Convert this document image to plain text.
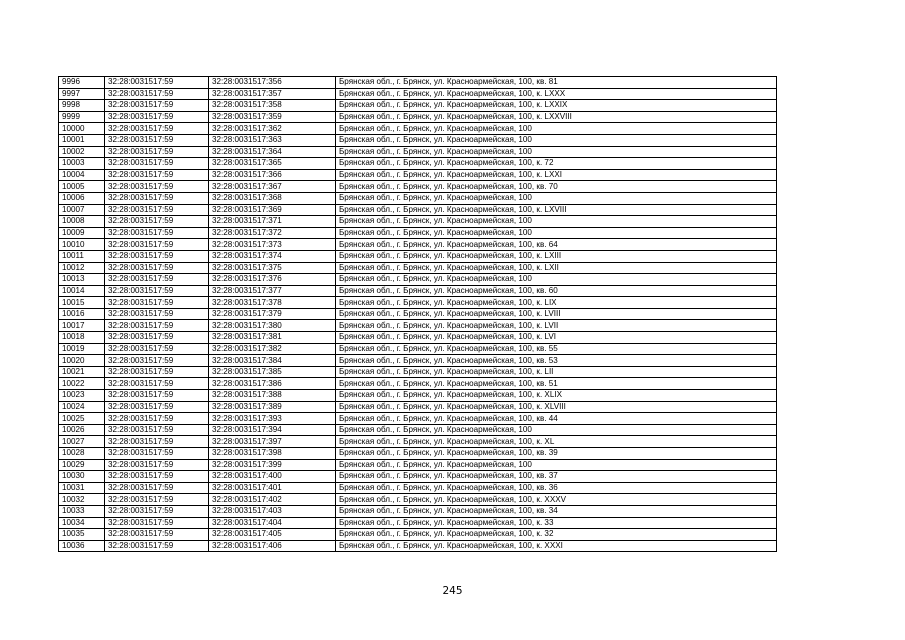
9996	32:28:0031517:59	32:28:0031517:356	Брянская обл., г. Брянск, ул. Красноармейская, 100, кв. 81
9997	32:28:0031517:59	32:28:0031517:357	Брянская обл., г. Брянск, ул. Красноармейская, 100, к. LXXX
9998	32:28:0031517:59	32:28:0031517:358	Брянская обл., г. Брянск, ул. Красноармейская, 100, к. LXXIX
9999	32:28:0031517:59	32:28:0031517:359	Брянская обл., г. Брянск, ул. Красноармейская, 100, к. LXXVIII
10000	32:28:0031517:59	32:28:0031517:362	Брянская обл., г. Брянск, ул. Красноармейская, 100
10001	32:28:0031517:59	32:28:0031517:363	Брянская обл., г. Брянск, ул. Красноармейская, 100
10002	32:28:0031517:59	32:28:0031517:364	Брянская обл., г. Брянск, ул. Красноармейская, 100
10003	32:28:0031517:59	32:28:0031517:365	Брянская обл., г. Брянск, ул. Красноармейская, 100, к. 72
10004	32:28:0031517:59	32:28:0031517:366	Брянская обл., г. Брянск, ул. Красноармейская, 100, к. LXXI
10005	32:28:0031517:59	32:28:0031517:367	Брянская обл., г. Брянск, ул. Красноармейская, 100, кв. 70
10006	32:28:0031517:59	32:28:0031517:368	Брянская обл., г. Брянск, ул. Красноармейская, 100
10007	32:28:0031517:59	32:28:0031517:369	Брянская обл., г. Брянск, ул. Красноармейская, 100, к. LXVIII
10008	32:28:0031517:59	32:28:0031517:371	Брянская обл., г. Брянск, ул. Красноармейская, 100
10009	32:28:0031517:59	32:28:0031517:372	Брянская обл., г. Брянск, ул. Красноармейская, 100
10010	32:28:0031517:59	32:28:0031517:373	Брянская обл., г. Брянск, ул. Красноармейская, 100, кв. 64
10011	32:28:0031517:59	32:28:0031517:374	Брянская обл., г. Брянск, ул. Красноармейская, 100, к. LXIII
10012	32:28:0031517:59	32:28:0031517:375	Брянская обл., г. Брянск, ул. Красноармейская, 100, к. LXII
10013	32:28:0031517:59	32:28:0031517:376	Брянская обл., г. Брянск, ул. Красноармейская, 100
10014	32:28:0031517:59	32:28:0031517:377	Брянская обл., г. Брянск, ул. Красноармейская, 100, кв. 60
10015	32:28:0031517:59	32:28:0031517:378	Брянская обл., г. Брянск, ул. Красноармейская, 100, к. LIX
10016	32:28:0031517:59	32:28:0031517:379	Брянская обл., г. Брянск, ул. Красноармейская, 100, к. LVIII
10017	32:28:0031517:59	32:28:0031517:380	Брянская обл., г. Брянск, ул. Красноармейская, 100, к. LVII
10018	32:28:0031517:59	32:28:0031517:381	Брянская обл., г. Брянск, ул. Красноармейская, 100, к. LVI
10019	32:28:0031517:59	32:28:0031517:382	Брянская обл., г. Брянск, ул. Красноармейская, 100, кв. 55
10020	32:28:0031517:59	32:28:0031517:384	Брянская обл., г. Брянск, ул. Красноармейская, 100, кв. 53
10021	32:28:0031517:59	32:28:0031517:385	Брянская обл., г. Брянск, ул. Красноармейская, 100, к. LII
10022	32:28:0031517:59	32:28:0031517:386	Брянская обл., г. Брянск, ул. Красноармейская, 100, кв. 51
10023	32:28:0031517:59	32:28:0031517:388	Брянская обл., г. Брянск, ул. Красноармейская, 100, к. XLIX
10024	32:28:0031517:59	32:28:0031517:389	Брянская обл., г. Брянск, ул. Красноармейская, 100, к. XLVIII
10025	32:28:0031517:59	32:28:0031517:393	Брянская обл., г. Брянск, ул. Красноармейская, 100, кв. 44
10026	32:28:0031517:59	32:28:0031517:394	Брянская обл., г. Брянск, ул. Красноармейская, 100
10027	32:28:0031517:59	32:28:0031517:397	Брянская обл., г. Брянск, ул. Красноармейская, 100, к. XL
10028	32:28:0031517:59	32:28:0031517:398	Брянская обл., г. Брянск, ул. Красноармейская, 100, кв. 39
10029	32:28:0031517:59	32:28:0031517:399	Брянская обл., г. Брянск, ул. Красноармейская, 100
10030	32:28:0031517:59	32:28:0031517:400	Брянская обл., г. Брянск, ул. Красноармейская, 100, кв. 37
10031	32:28:0031517:59	32:28:0031517:401	Брянская обл., г. Брянск, ул. Красноармейская, 100, кв. 36
10032	32:28:0031517:59	32:28:0031517:402	Брянская обл., г. Брянск, ул. Красноармейская, 100, к. XXXV
10033	32:28:0031517:59	32:28:0031517:403	Брянская обл., г. Брянск, ул. Красноармейская, 100, кв. 34
10034	32:28:0031517:59	32:28:0031517:404	Брянская обл., г. Брянск, ул. Красноармейская, 100, к. 33
10035	32:28:0031517:59	32:28:0031517:405	Брянская обл., г. Брянск, ул. Красноармейская, 100, к. 32
10036	32:28:0031517:59	32:28:0031517:406	Брянская обл., г. Брянск, ул. Красноармейская, 100, к. XXXI
245
